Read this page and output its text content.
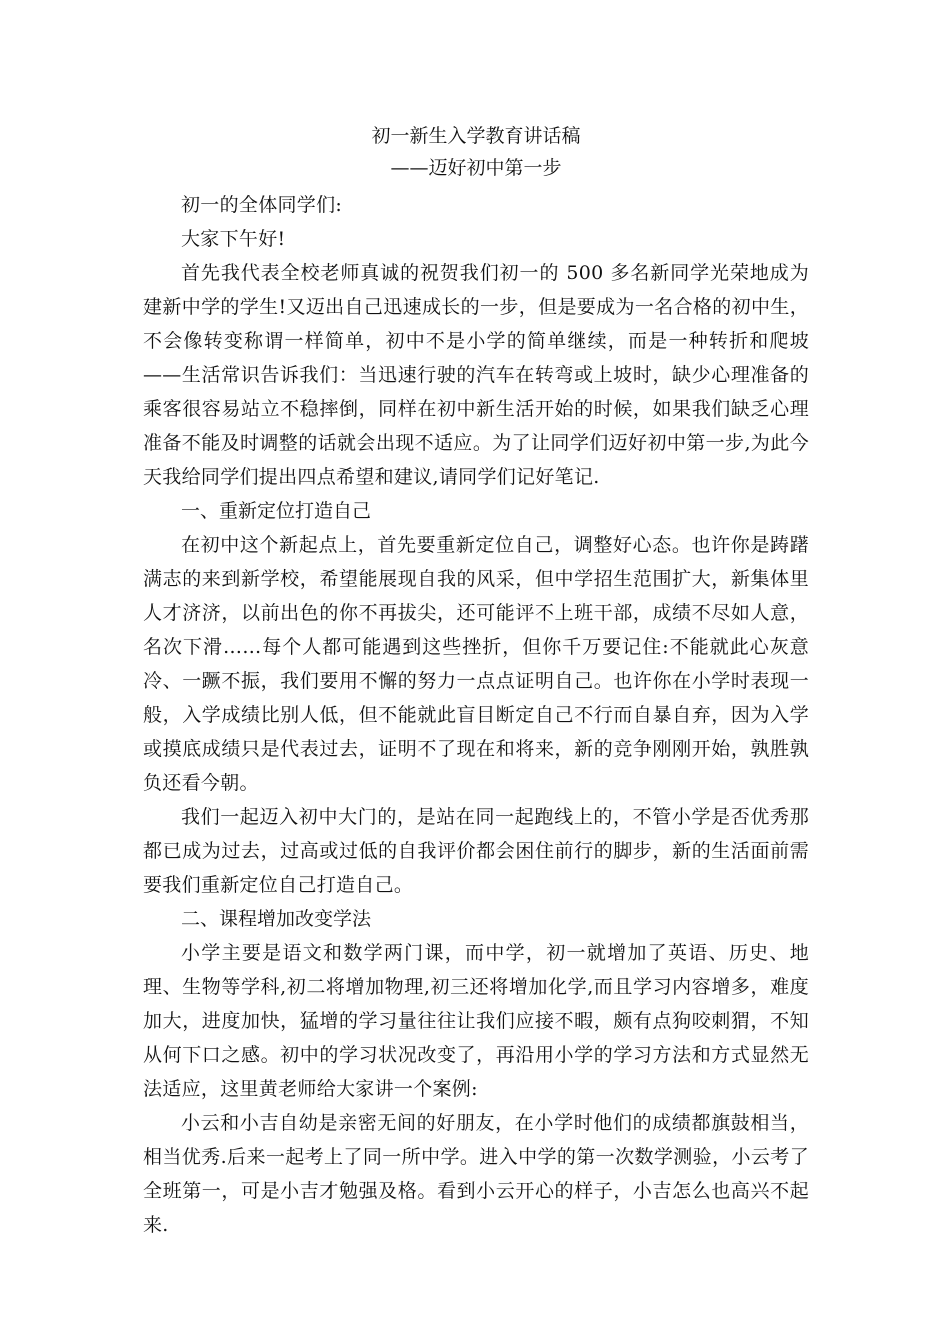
初一新生入学教育讲话稿

——迈好初中第一步

初一的全体同学们:

大家下午好!

首先我代表全校老师真诚的祝贺我们初一的 500 多名新同学光荣地成为建新中学的学生!又迈出自己迅速成长的一步，但是要成为一名合格的初中生，不会像转变称谓一样简单，初中不是小学的简单继续，而是一种转折和爬坡——生活常识告诉我们：当迅速行驶的汽车在转弯或上坡时，缺少心理准备的乘客很容易站立不稳摔倒，同样在初中新生活开始的时候，如果我们缺乏心理准备不能及时调整的话就会出现不适应。为了让同学们迈好初中第一步,为此今天我给同学们提出四点希望和建议,请同学们记好笔记.

一、重新定位打造自己

在初中这个新起点上，首先要重新定位自己，调整好心态。也许你是踌躇满志的来到新学校，希望能展现自我的风采，但中学招生范围扩大，新集体里人才济济，以前出色的你不再拔尖，还可能评不上班干部，成绩不尽如人意，名次下滑……每个人都可能遇到这些挫折，但你千万要记住:不能就此心灰意冷、一蹶不振，我们要用不懈的努力一点点证明自己。也许你在小学时表现一般，入学成绩比别人低，但不能就此盲目断定自己不行而自暴自弃，因为入学或摸底成绩只是代表过去，证明不了现在和将来，新的竞争刚刚开始，孰胜孰负还看今朝。

我们一起迈入初中大门的，是站在同一起跑线上的，不管小学是否优秀那都已成为过去，过高或过低的自我评价都会困住前行的脚步，新的生活面前需要我们重新定位自己打造自己。

二、课程增加改变学法

小学主要是语文和数学两门课，而中学，初一就增加了英语、历史、地理、生物等学科,初二将增加物理,初三还将增加化学,而且学习内容增多，难度加大，进度加快，猛增的学习量往往让我们应接不暇，颇有点狗咬刺猬，不知从何下口之感。初中的学习状况改变了，再沿用小学的学习方法和方式显然无法适应，这里黄老师给大家讲一个案例:

小云和小吉自幼是亲密无间的好朋友，在小学时他们的成绩都旗鼓相当，相当优秀.后来一起考上了同一所中学。进入中学的第一次数学测验，小云考了全班第一，可是小吉才勉强及格。看到小云开心的样子，小吉怎么也高兴不起来.
